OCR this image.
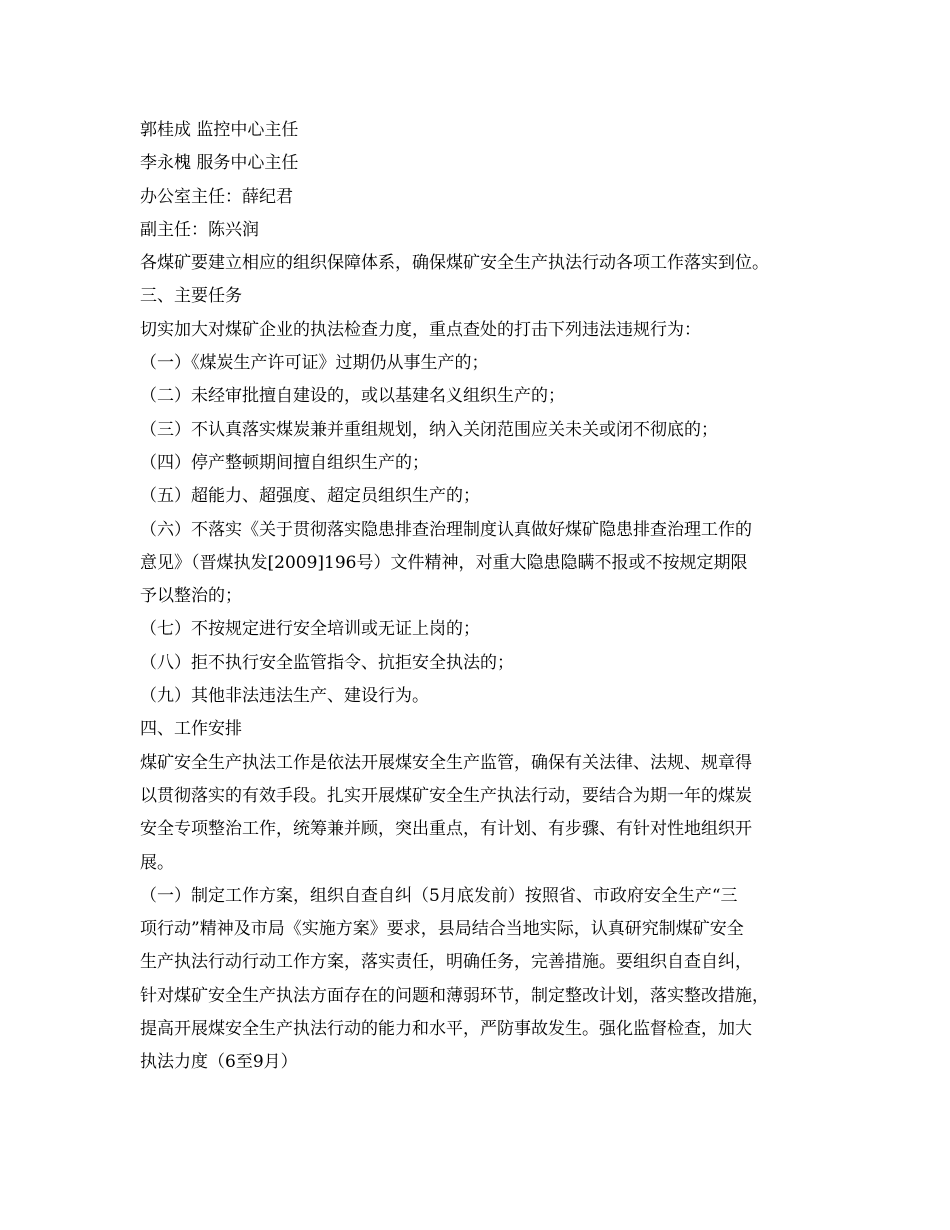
郭桂成 监控中心主任
李永槐 服务中心主任
办公室主任：薛纪君
副主任：陈兴润
各煤矿要建立相应的组织保障体系，确保煤矿安全生产执法行动各项工作落实到位。
三、主要任务
切实加大对煤矿企业的执法检查力度，重点查处的打击下列违法违规行为：
（一）《煤炭生产许可证》过期仍从事生产的；
（二）未经审批擅自建设的，或以基建名义组织生产的；
（三）不认真落实煤炭兼并重组规划，纳入关闭范围应关未关或闭不彻底的；
（四）停产整顿期间擅自组织生产的；
（五）超能力、超强度、超定员组织生产的；
（六）不落实《关于贯彻落实隐患排查治理制度认真做好煤矿隐患排查治理工作的
意见》（晋煤执发[2009]196号）文件精神，对重大隐患隐瞒不报或不按规定期限
予以整治的；
（七）不按规定进行安全培训或无证上岗的；
（八）拒不执行安全监管指令、抗拒安全执法的；
（九）其他非法违法生产、建设行为。
四、工作安排
煤矿安全生产执法工作是依法开展煤安全生产监管，确保有关法律、法规、规章得
以贯彻落实的有效手段。扎实开展煤矿安全生产执法行动，要结合为期一年的煤炭
安全专项整治工作，统筹兼并顾，突出重点，有计划、有步骤、有针对性地组织开
展。
（一）制定工作方案，组织自查自纠（5月底发前）按照省、市政府安全生产“三
项行动”精神及市局《实施方案》要求，县局结合当地实际，认真研究制煤矿安全
生产执法行动行动工作方案，落实责任，明确任务，完善措施。要组织自查自纠，
针对煤矿安全生产执法方面存在的问题和薄弱环节，制定整改计划，落实整改措施，
提高开展煤安全生产执法行动的能力和水平，严防事故发生。强化监督检查，加大
执法力度（6至9月）
